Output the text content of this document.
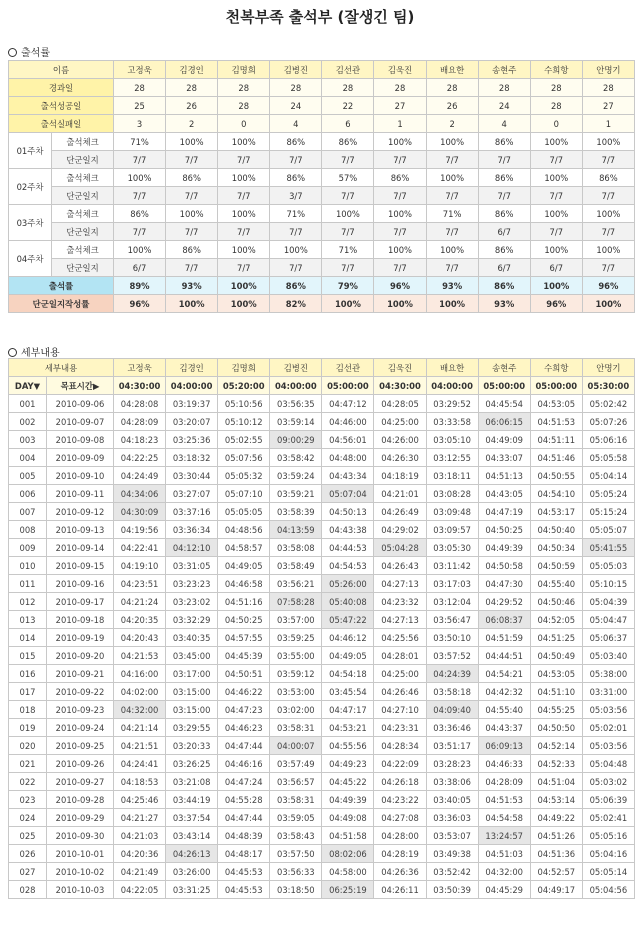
천복부족 출석부 (잘생긴 팀)
출석률
이름		고정욱	김경인	김명희	김병진	김선관	김욱진	배요한	송현주	수희항	안명기
경과일		28	28	28	28	28	28	28	28	28	28
출석성공일		25	26	28	24	22	27	26	24	28	27
출석실패일		3	2	0	4	6	1	2	4	0	1
01주차	출석체크	71%	100%	100%	86%	86%	100%	100%	86%	100%	100%
	단군일지	7/7	7/7	7/7	7/7	7/7	7/7	7/7	7/7	7/7	7/7
02주차	출석체크	100%	86%	100%	86%	57%	86%	100%	86%	100%	86%
	단군일지	7/7	7/7	7/7	3/7	7/7	7/7	7/7	7/7	7/7	7/7
03주차	출석체크	86%	100%	100%	71%	100%	100%	71%	86%	100%	100%
	단군일지	7/7	7/7	7/7	7/7	7/7	7/7	7/7	6/7	7/7	7/7
04주차	출석체크	100%	86%	100%	100%	71%	100%	100%	86%	100%	100%
	단군일지	6/7	7/7	7/7	7/7	7/7	7/7	7/7	6/7	6/7	7/7
출석률		89%	93%	100%	86%	79%	96%	93%	86%	100%	96%
단군일지작성률		96%	100%	100%	82%	100%	100%	100%	93%	96%	100%
세부내용
세부내용		고정욱	김경인	김명희	김병진	김선관	김욱진	배요한	송현주	수희항	안명기
DAY▼	목표시간▶	04:30:00	04:00:00	05:20:00	04:00:00	05:00:00	04:30:00	04:00:00	05:00:00	05:00:00	05:30:00
001	2010-09-06	04:28:08	03:19:37	05:10:56	03:56:35	04:47:12	04:28:05	03:29:52	04:45:54	04:53:05	05:02:42
002	2010-09-07	04:28:09	03:20:07	05:10:12	03:59:14	04:46:00	04:25:00	03:33:58	06:06:15	04:51:53	05:07:26
003	2010-09-08	04:18:23	03:25:36	05:02:55	09:00:29	04:56:01	04:26:00	03:05:10	04:49:09	04:51:11	05:06:16
004	2010-09-09	04:22:25	03:18:32	05:07:56	03:58:42	04:48:00	04:26:30	03:12:55	04:33:07	04:51:46	05:05:58
005	2010-09-10	04:24:49	03:30:44	05:05:32	03:59:24	04:43:34	04:18:19	03:18:11	04:51:13	04:50:55	05:04:14
006	2010-09-11	04:34:06	03:27:07	05:07:10	03:59:21	05:07:04	04:21:01	03:08:28	04:43:05	04:54:10	05:05:24
007	2010-09-12	04:30:09	03:37:16	05:05:05	03:58:39	04:50:13	04:26:49	03:09:48	04:47:19	04:53:17	05:15:24
008	2010-09-13	04:19:56	03:36:34	04:48:56	04:13:59	04:43:38	04:29:02	03:09:57	04:50:25	04:50:40	05:05:07
009	2010-09-14	04:22:41	04:12:10	04:58:57	03:58:08	04:44:53	05:04:28	03:05:30	04:49:39	04:50:34	05:41:55
010	2010-09-15	04:19:10	03:31:05	04:49:05	03:58:49	04:54:53	04:26:43	03:11:42	04:50:58	04:50:59	05:05:03
011	2010-09-16	04:23:51	03:23:23	04:46:58	03:56:21	05:26:00	04:27:13	03:17:03	04:47:30	04:55:40	05:10:15
012	2010-09-17	04:21:24	03:23:02	04:51:16	07:58:28	05:40:08	04:23:32	03:12:04	04:29:52	04:50:46	05:04:39
013	2010-09-18	04:20:35	03:32:29	04:50:25	03:57:00	05:47:22	04:27:13	03:56:47	06:08:37	04:52:05	05:04:47
014	2010-09-19	04:20:43	03:40:35	04:57:55	03:59:25	04:46:12	04:25:56	03:50:10	04:51:59	04:51:25	05:06:37
015	2010-09-20	04:21:53	03:45:00	04:45:39	03:55:00	04:49:05	04:28:01	03:57:52	04:44:51	04:50:49	05:03:40
016	2010-09-21	04:16:00	03:17:00	04:50:51	03:59:12	04:54:18	04:25:00	04:24:39	04:54:21	04:53:05	05:38:00
017	2010-09-22	04:02:00	03:15:00	04:46:22	03:53:00	03:45:54	04:26:46	03:58:18	04:42:32	04:51:10	03:31:00
018	2010-09-23	04:32:00	03:15:00	04:47:23	03:02:00	04:47:17	04:27:10	04:09:40	04:55:40	04:55:25	05:03:56
019	2010-09-24	04:21:14	03:29:55	04:46:23	03:58:31	04:53:21	04:23:31	03:36:46	04:43:37	04:50:50	05:02:01
020	2010-09-25	04:21:51	03:20:33	04:47:44	04:00:07	04:55:56	04:28:34	03:51:17	06:09:13	04:52:14	05:03:56
021	2010-09-26	04:24:41	03:26:25	04:46:16	03:57:49	04:49:23	04:22:09	03:28:23	04:46:33	04:52:33	05:04:48
022	2010-09-27	04:18:53	03:21:08	04:47:24	03:56:57	04:45:22	04:26:18	03:38:06	04:28:09	04:51:04	05:03:02
023	2010-09-28	04:25:46	03:44:19	04:55:28	03:58:31	04:49:39	04:23:22	03:40:05	04:51:53	04:53:14	05:06:39
024	2010-09-29	04:21:27	03:37:54	04:47:44	03:59:05	04:49:08	04:27:08	03:36:03	04:54:58	04:49:22	05:02:41
025	2010-09-30	04:21:03	03:43:14	04:48:39	03:58:43	04:51:58	04:28:00	03:53:07	13:24:57	04:51:26	05:05:16
026	2010-10-01	04:20:36	04:26:13	04:48:17	03:57:50	08:02:06	04:28:19	03:49:38	04:51:03	04:51:36	05:04:16
027	2010-10-02	04:21:49	03:26:00	04:45:53	03:56:33	04:58:00	04:26:36	03:52:42	04:32:00	04:52:57	05:05:14
028	2010-10-03	04:22:05	03:31:25	04:45:53	03:18:50	06:25:19	04:26:11	03:50:39	04:45:29	04:49:17	05:04:56
